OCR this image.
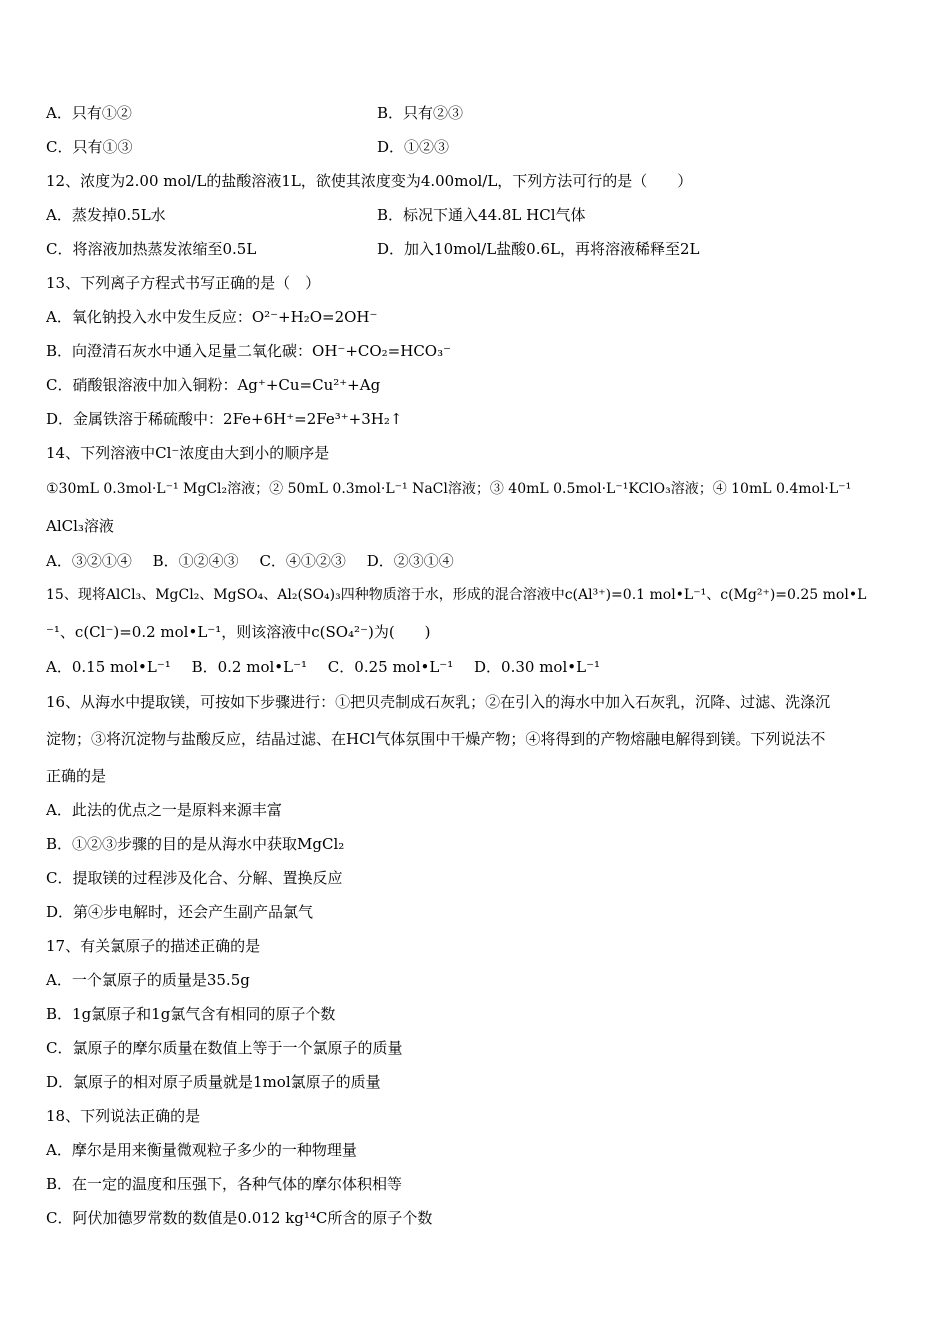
A．只有①②	B．只有②③
C．只有①③	D．①②③
12、浓度为2.00 mol/L的盐酸溶液1L，欲使其浓度变为4.00mol/L，下列方法可行的是（　　）
A．蒸发掉0.5L水	B．标况下通入44.8L HCl气体
C．将溶液加热蒸发浓缩至0.5L	D．加入10mol/L盐酸0.6L，再将溶液稀释至2L
13、下列离子方程式书写正确的是（　）
A．氧化钠投入水中发生反应：O²⁻+H₂O=2OH⁻
B．向澄清石灰水中通入足量二氧化碳：OH⁻+CO₂=HCO₃⁻
C．硝酸银溶液中加入铜粉：Ag⁺+Cu=Cu²⁺+Ag
D．金属铁溶于稀硫酸中：2Fe+6H⁺=2Fe³⁺+3H₂↑
14、下列溶液中Cl⁻浓度由大到小的顺序是
①30mL 0.3mol·L⁻¹ MgCl₂溶液；② 50mL 0.3mol·L⁻¹ NaCl溶液；③ 40mL 0.5mol·L⁻¹KClO₃溶液；④ 10mL 0.4mol·L⁻¹
AlCl₃溶液
A．③②①④ B．①②④③ C．④①②③ D．②③①④
15、现将AlCl₃、MgCl₂、MgSO₄、Al₂(SO₄)₃四种物质溶于水，形成的混合溶液中c(Al³⁺)=0.1 mol•L⁻¹、c(Mg²⁺)=0.25 mol•L
⁻¹、c(Cl⁻)=0.2 mol•L⁻¹，则该溶液中c(SO₄²⁻)为(　　)
A．0.15 mol•L⁻¹ B．0.2 mol•L⁻¹ C．0.25 mol•L⁻¹ D．0.30 mol•L⁻¹
16、从海水中提取镁，可按如下步骤进行：①把贝壳制成石灰乳；②在引入的海水中加入石灰乳，沉降、过滤、洗涤沉
淀物；③将沉淀物与盐酸反应，结晶过滤、在HCl气体氛围中干燥产物；④将得到的产物熔融电解得到镁。下列说法不
正确的是
A．此法的优点之一是原料来源丰富
B．①②③步骤的目的是从海水中获取MgCl₂
C．提取镁的过程涉及化合、分解、置换反应
D．第④步电解时，还会产生副产品氯气
17、有关氯原子的描述正确的是
A．一个氯原子的质量是35.5g
B．1g氯原子和1g氯气含有相同的原子个数
C．氯原子的摩尔质量在数值上等于一个氯原子的质量
D．氯原子的相对原子质量就是1mol氯原子的质量
18、下列说法正确的是
A．摩尔是用来衡量微观粒子多少的一种物理量
B．在一定的温度和压强下，各种气体的摩尔体积相等
C．阿伏加德罗常数的数值是0.012 kg¹⁴C所含的原子个数
